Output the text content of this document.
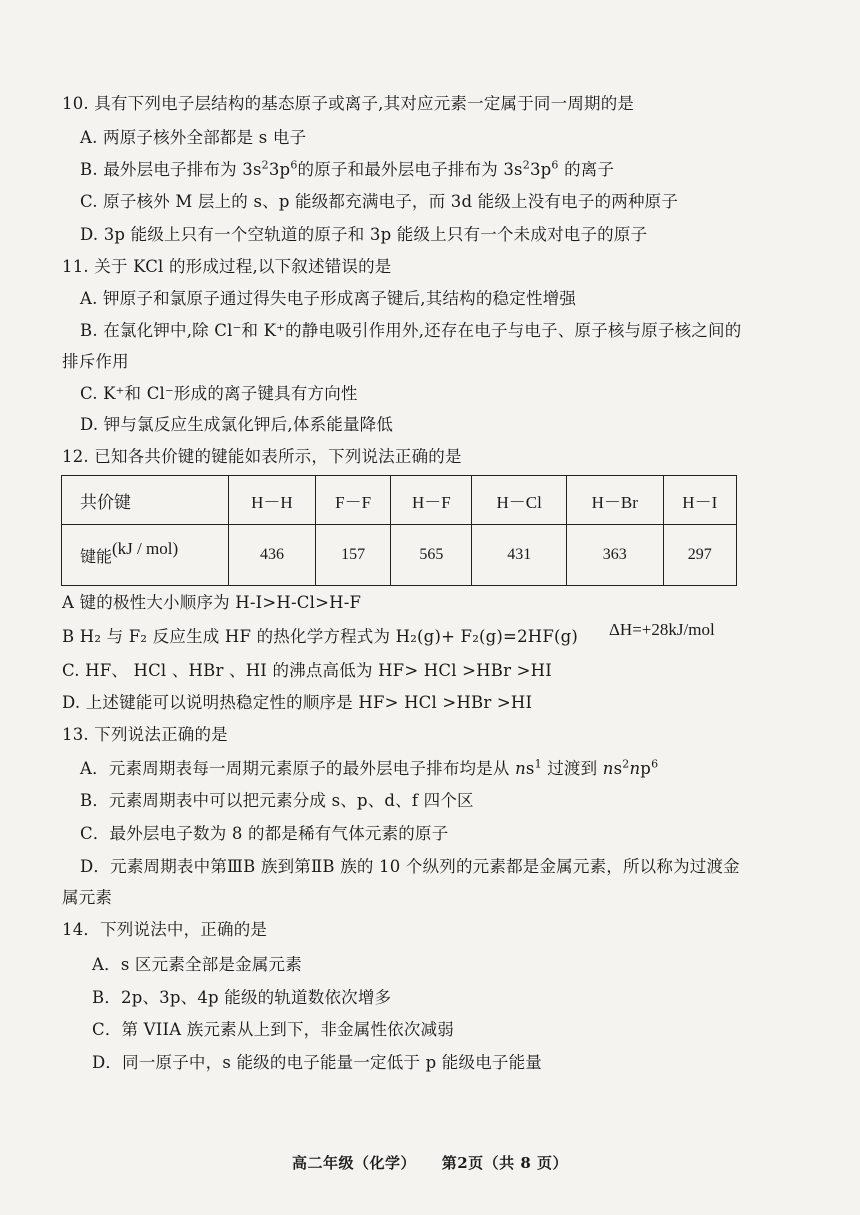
10. 具有下列电子层结构的基态原子或离子,其对应元素一定属于同一周期的是
A. 两原子核外全部都是 s 电子
B. 最外层电子排布为 $3s^23p^6$的原子和最外层电子排布为 $3s^23p^6$ 的离子
C. 原子核外 M 层上的 s、p 能级都充满电子，而 3d 能级上没有电子的两种原子
D. 3p 能级上只有一个空轨道的原子和 3p 能级上只有一个未成对电子的原子
11. 关于 KCl 的形成过程,以下叙述错误的是
A. 钾原子和氯原子通过得失电子形成离子键后,其结构的稳定性增强
B. 在氯化钾中,除 Cl⁻和 K⁺的静电吸引作用外,还存在电子与电子、原子核与原子核之间的
排斥作用
C. K⁺和 Cl⁻形成的离子键具有方向性
D. 钾与氯反应生成氯化钾后,体系能量降低
12. 已知各共价键的键能如表所示，下列说法正确的是
共价键	H－H	F－F	H－F	H－Cl	H－Br	H－I
键能(kJ / mol)	436	157	565	431	363	297
A 键的极性大小顺序为 H-I>H-Cl>H-F
B H₂ 与 F₂ 反应生成 HF 的热化学方程式为 H₂(g)+ F₂(g)=2HF(g) ΔH=+28kJ/mol
C. HF、 HCl 、HBr 、HI 的沸点高低为 HF> HCl >HBr >HI
D. 上述键能可以说明热稳定性的顺序是 HF> HCl >HBr >HI
13. 下列说法正确的是
A．元素周期表每一周期元素原子的最外层电子排布均是从 $ns^1$ 过渡到 $ns^2np^6$
B．元素周期表中可以把元素分成 s、p、d、f 四个区
C．最外层电子数为 8 的都是稀有气体元素的原子
D．元素周期表中第ⅢB 族到第ⅡB 族的 10 个纵列的元素都是金属元素，所以称为过渡金
属元素
14．下列说法中，正确的是
A．s 区元素全部是金属元素
B．2p、3p、4p 能级的轨道数依次增多
C．第 VIIA 族元素从上到下，非金属性依次减弱
D．同一原子中，s 能级的电子能量一定低于 p 能级电子能量
高二年级（化学） 第2页（共 8 页）
